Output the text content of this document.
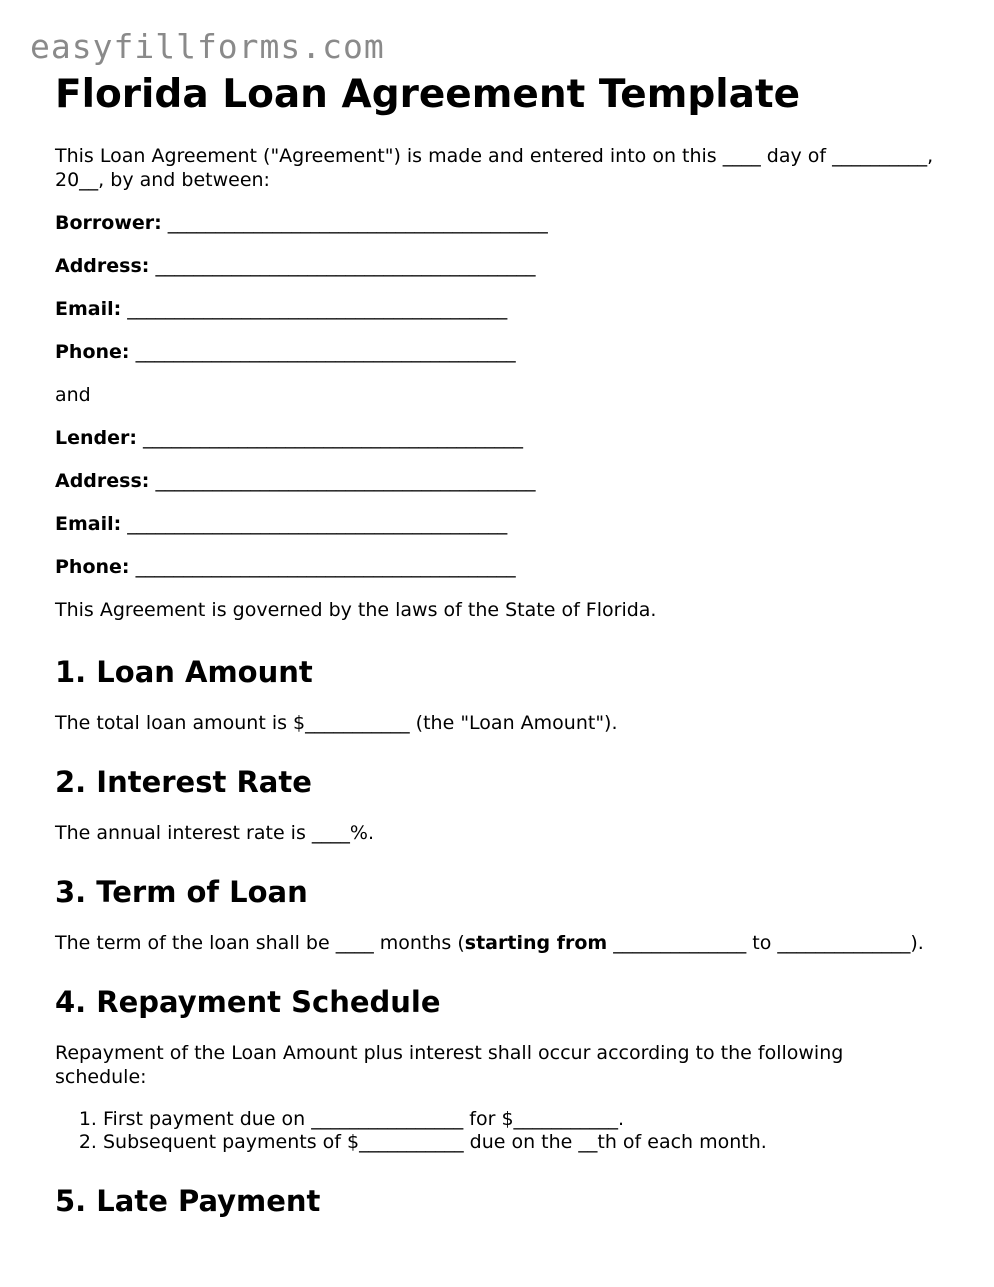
easyfillforms.com
Florida Loan Agreement Template

This Loan Agreement ("Agreement") is made and entered into on this ____ day of __________, 20__, by and between:

Borrower: ________________________________________

Address: ________________________________________

Email: ________________________________________

Phone: ________________________________________

and

Lender: ________________________________________

Address: ________________________________________

Email: ________________________________________

Phone: ________________________________________

This Agreement is governed by the laws of the State of Florida.

1. Loan Amount

The total loan amount is $___________ (the "Loan Amount").

2. Interest Rate

The annual interest rate is ____%.

3. Term of Loan

The term of the loan shall be ____ months (starting from ______________ to ______________).

4. Repayment Schedule

Repayment of the Loan Amount plus interest shall occur according to the following schedule:

1. First payment due on ________________ for $___________.
2. Subsequent payments of $___________ due on the __th of each month.
5. Late Payment
